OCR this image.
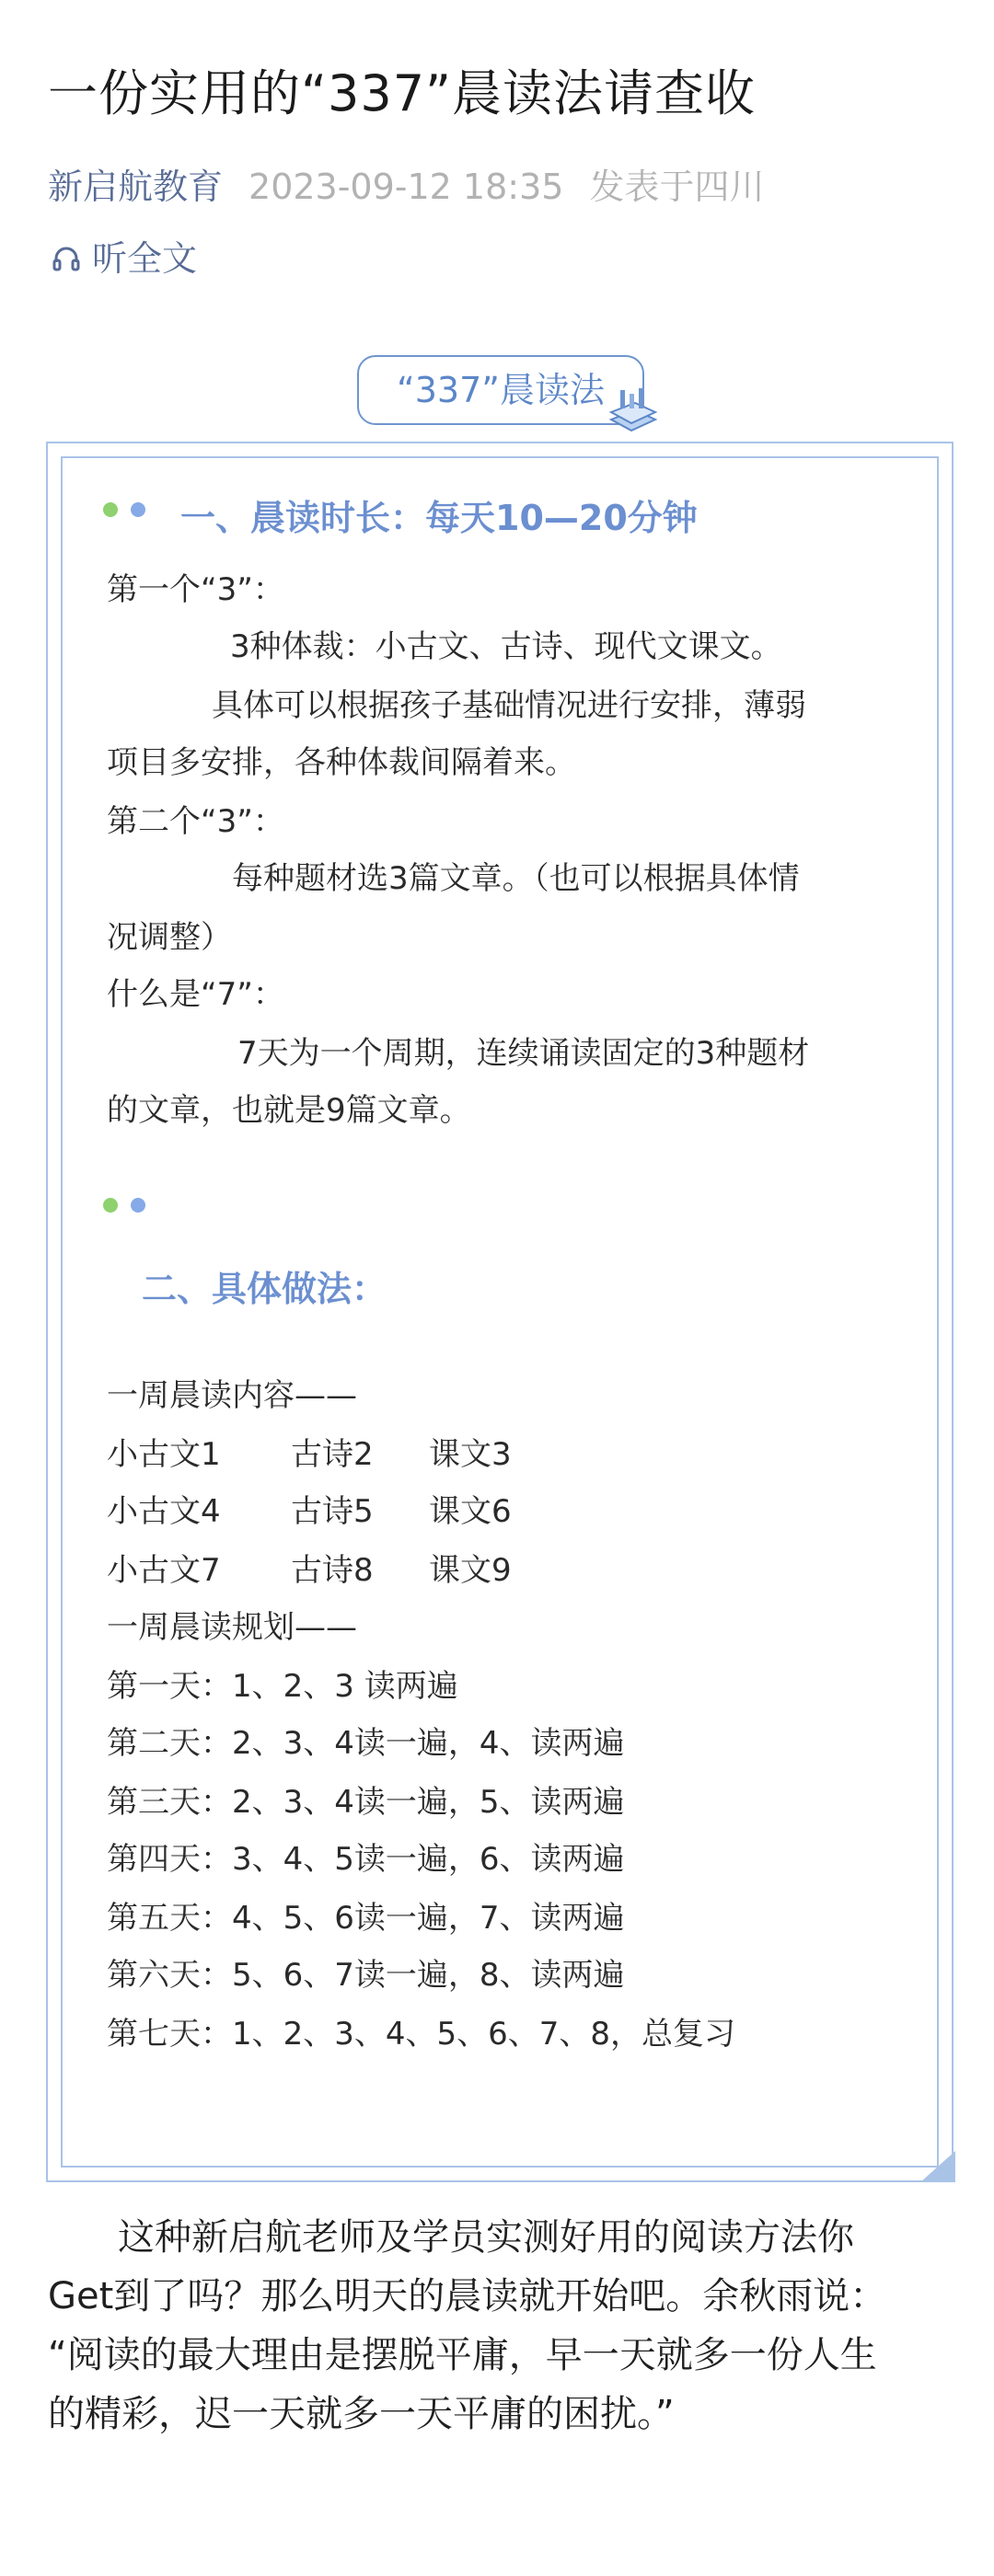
一份实用的“337”晨读法请查收
新启航教育 2023-09-12 18:35 发表于四川
听全文
“337”晨读法
一、晨读时长：每天10—20分钟
第一个“3”：
3种体裁：小古文、古诗、现代文课文。
具体可以根据孩子基础情况进行安排，薄弱
项目多安排，各种体裁间隔着来。
第二个“3”：
每种题材选3篇文章。（也可以根据具体情
况调整）
什么是“7”：
7天为一个周期，连续诵读固定的3种题材
的文章，也就是9篇文章。
二、具体做法：
一周晨读内容——
小古文1 古诗2 课文3
小古文4 古诗5 课文6
小古文7 古诗8 课文9
一周晨读规划——
第一天：1、2、3 读两遍
第二天：2、3、4读一遍，4、读两遍
第三天：2、3、4读一遍，5、读两遍
第四天：3、4、5读一遍，6、读两遍
第五天：4、5、6读一遍，7、读两遍
第六天：5、6、7读一遍，8、读两遍
第七天：1、2、3、4、5、6、7、8，总复习

这种新启航老师及学员实测好用的阅读方法你

Get到了吗？那么明天的晨读就开始吧。余秋雨说：

“阅读的最大理由是摆脱平庸，早一天就多一份人生

的精彩，迟一天就多一天平庸的困扰。”
